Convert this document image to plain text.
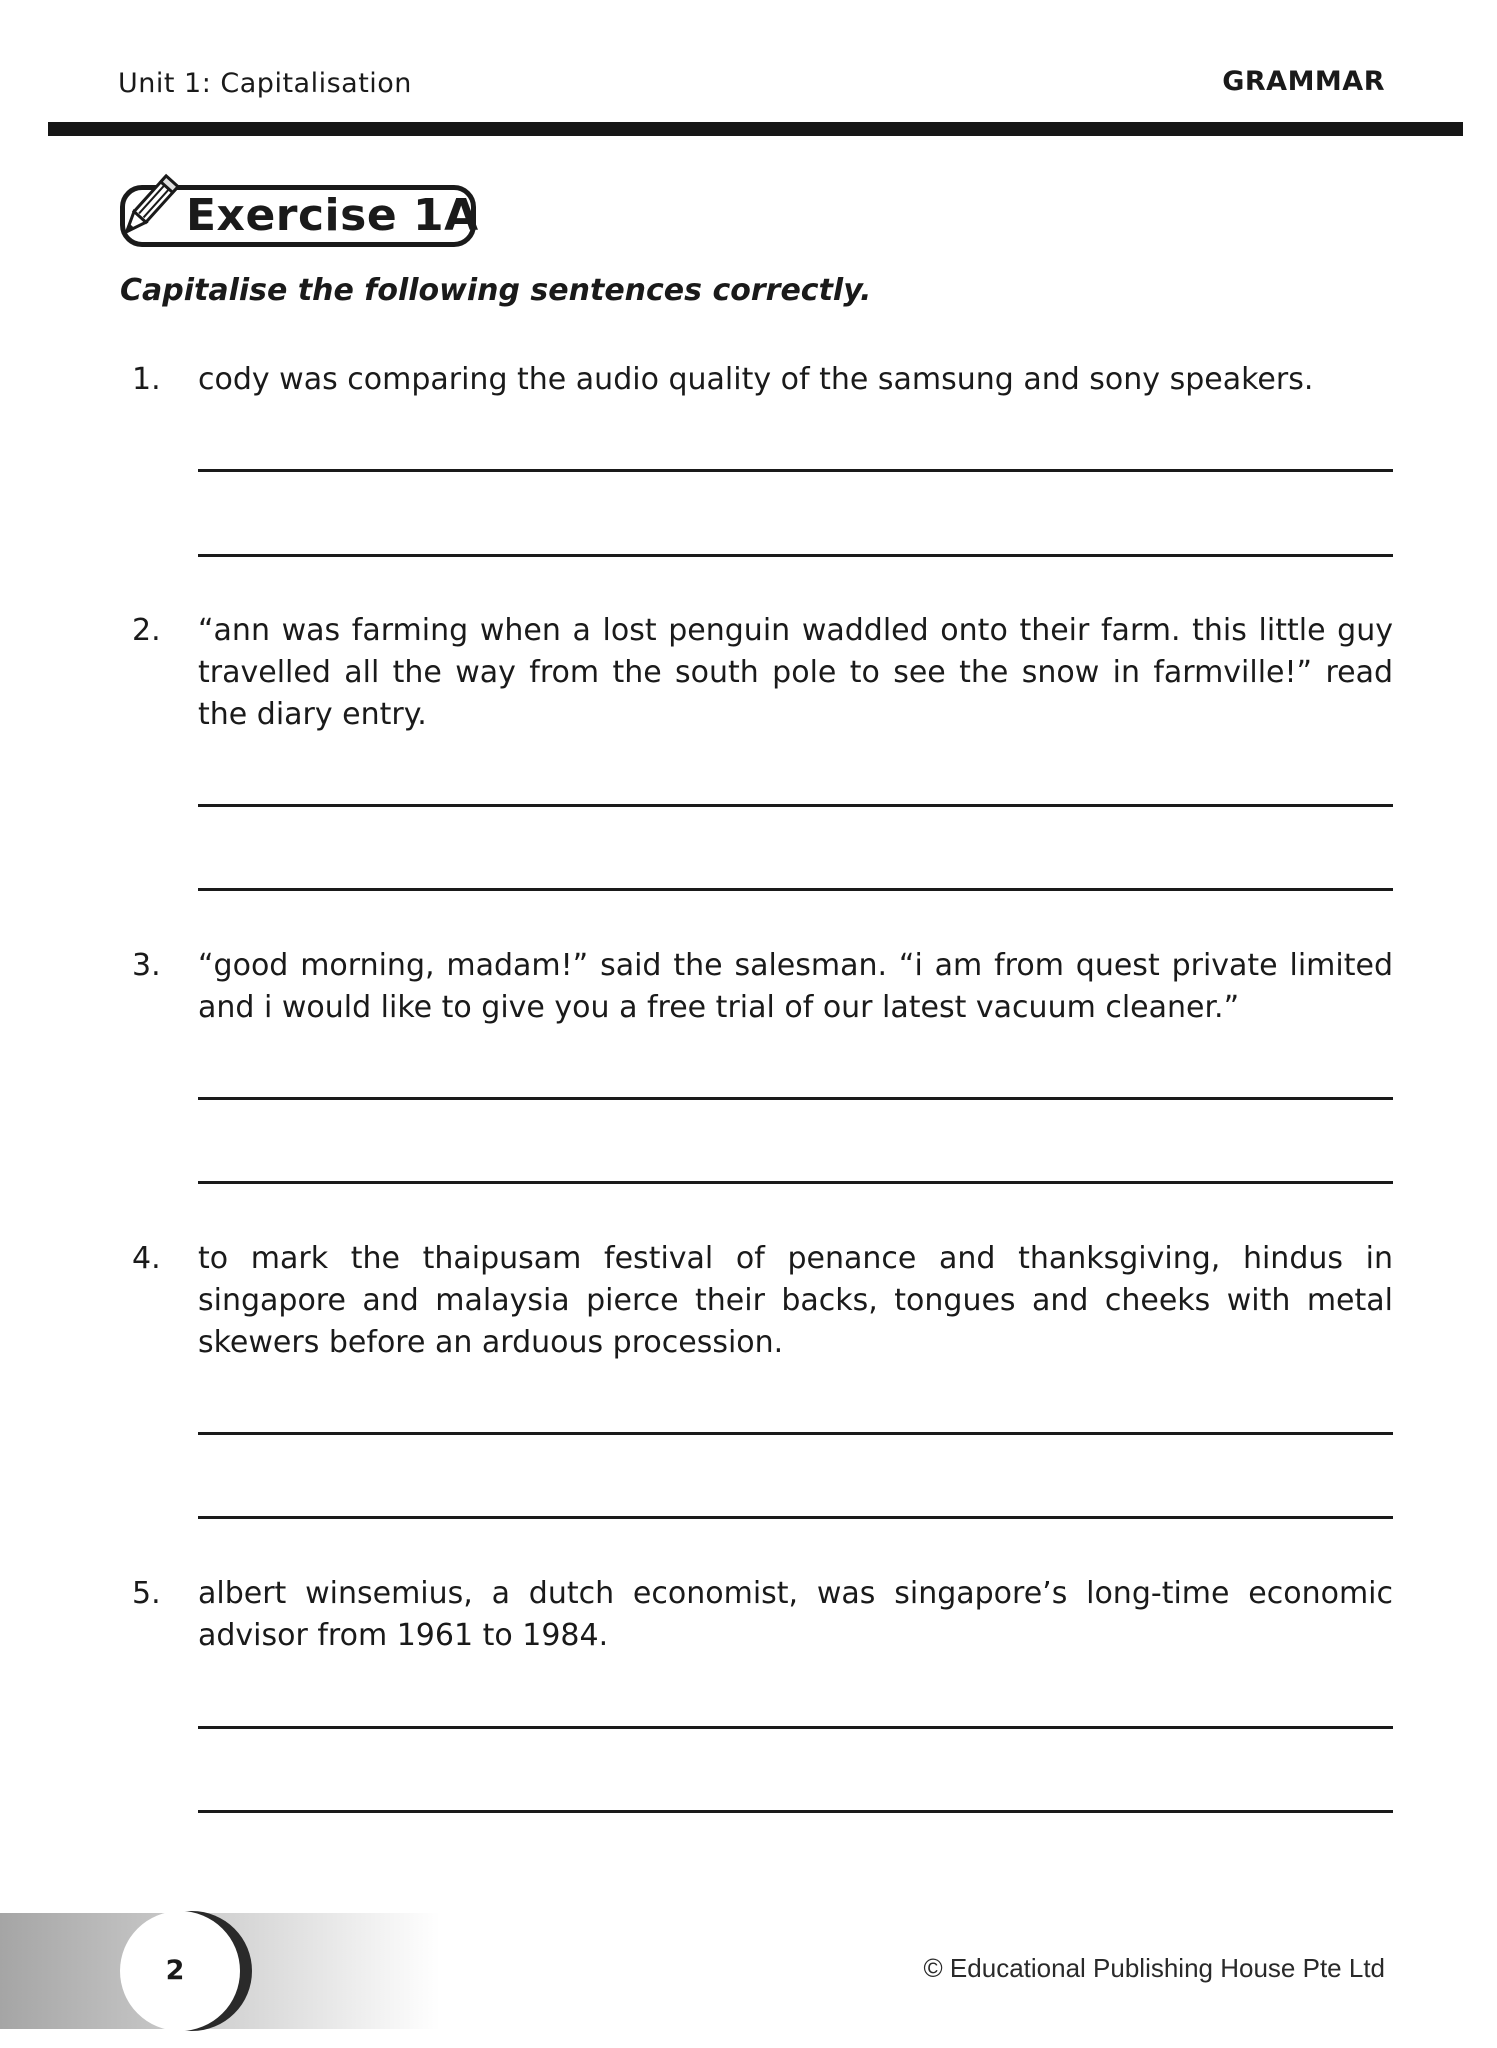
Unit 1: Capitalisation	GRAMMAR
Exercise 1A
Capitalise the following sentences correctly.
1. cody was comparing the audio quality of the samsung and sony speakers.
2. “ann was farming when a lost penguin waddled onto their farm. this little guy travelled all the way from the south pole to see the snow in farmville!” read the diary entry.
3. “good morning, madam!” said the salesman. “i am from quest private limited and i would like to give you a free trial of our latest vacuum cleaner.”
4. to mark the thaipusam festival of penance and thanksgiving, hindus in singapore and malaysia pierce their backs, tongues and cheeks with metal skewers before an arduous procession.
5. albert winsemius, a dutch economist, was singapore’s long-time economic advisor from 1961 to 1984.
2	© Educational Publishing House Pte Ltd
